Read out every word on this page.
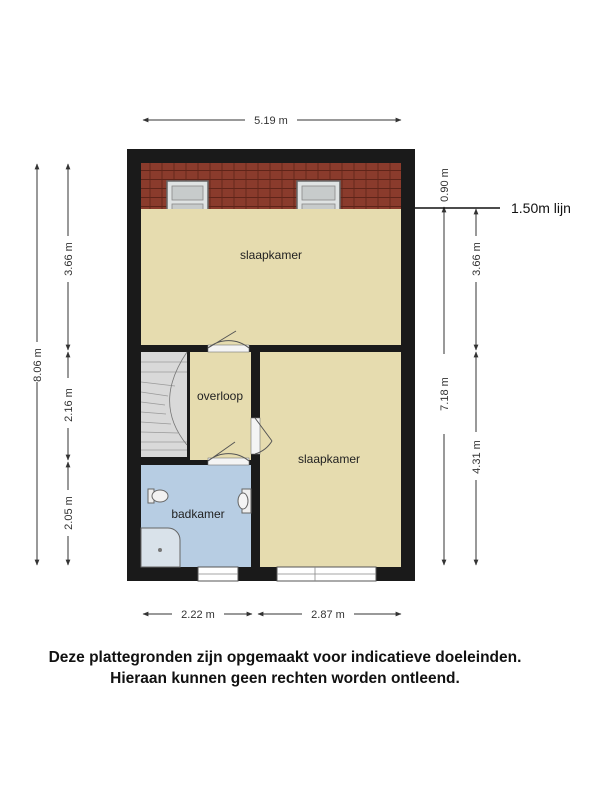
slaapkamer
overloop
slaapkamer
badkamer
5.19 m
8.06 m
3.66 m
2.16 m
2.05 m
0.90 m
7.18 m
3.66 m
4.31 m
1.50m lijn
2.22 m	2.87 m
Deze plattegronden zijn opgemaakt voor indicatieve doeleinden.
Hieraan kunnen geen rechten worden ontleend.
